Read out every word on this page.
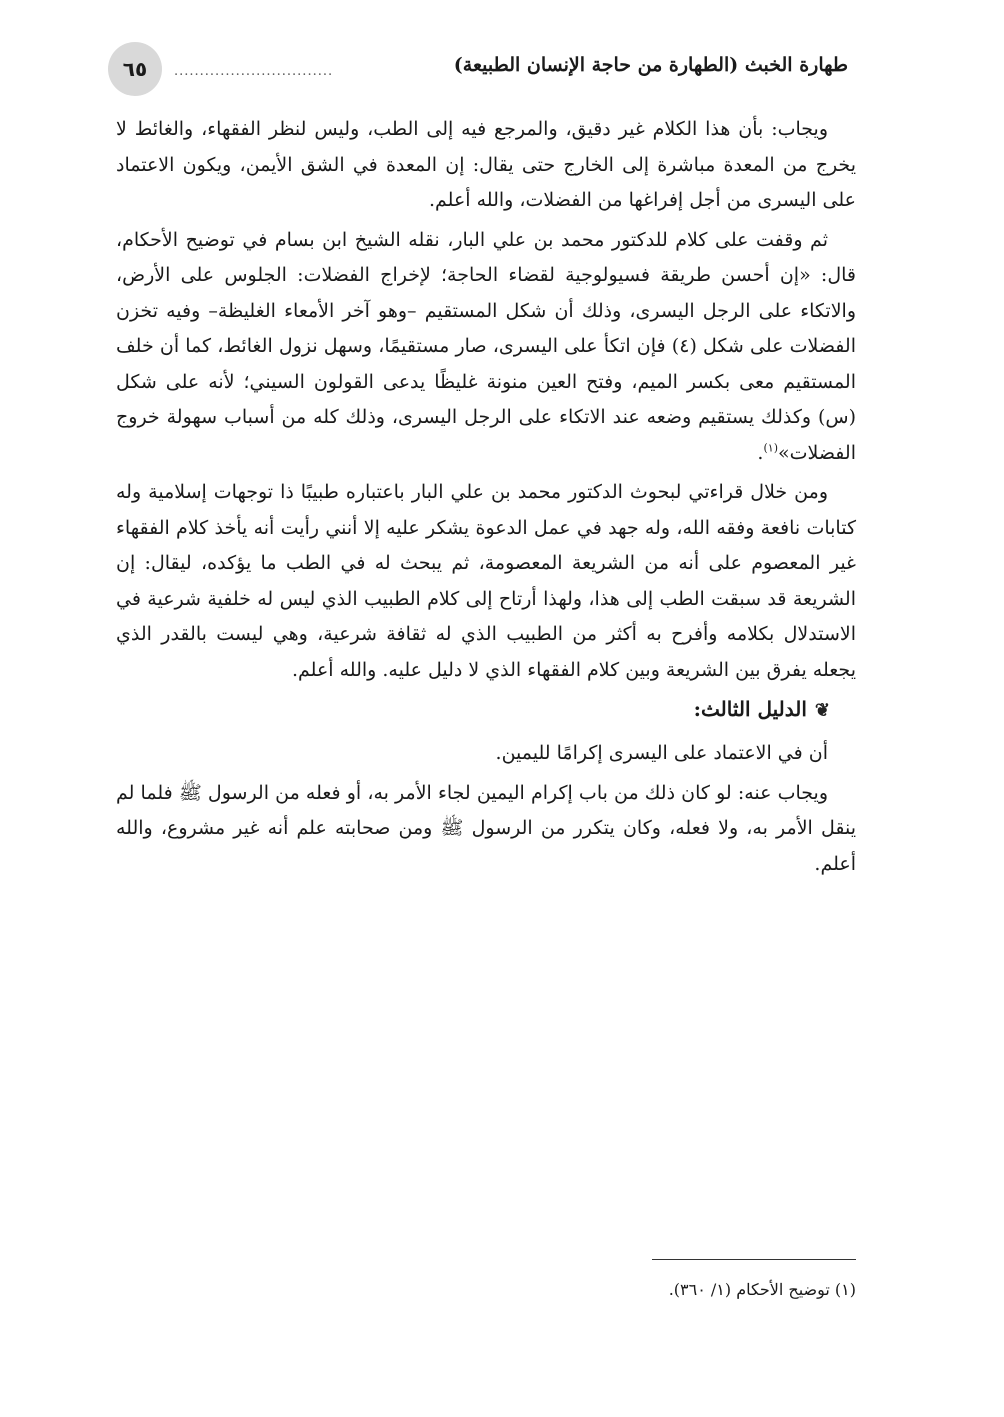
طهارة الخبث (الطهارة من حاجة الإنسان الطبيعة)
...............................
٦٥

ويجاب: بأن هذا الكلام غير دقيق، والمرجع فيه إلى الطب، وليس لنظر الفقهاء، والغائط لا يخرج من المعدة مباشرة إلى الخارج حتى يقال: إن المعدة في الشق الأيمن، ويكون الاعتماد على اليسرى من أجل إفراغها من الفضلات، والله أعلم.

ثم وقفت على كلام للدكتور محمد بن علي البار، نقله الشيخ ابن بسام في توضيح الأحكام، قال: «إن أحسن طريقة فسيولوجية لقضاء الحاجة؛ لإخراج الفضلات: الجلوس على الأرض، والاتكاء على الرجل اليسرى، وذلك أن شكل المستقيم –وهو آخر الأمعاء الغليظة– وفيه تخزن الفضلات على شكل (٤) فإن اتكأ على اليسرى، صار مستقيمًا، وسهل نزول الغائط، كما أن خلف المستقيم معى بكسر الميم، وفتح العين منونة غليظًا يدعى القولون السيني؛ لأنه على شكل (س) وكذلك يستقيم وضعه عند الاتكاء على الرجل اليسرى، وذلك كله من أسباب سهولة خروج الفضلات»$^{(١)}$.

ومن خلال قراءتي لبحوث الدكتور محمد بن علي البار باعتباره طبيبًا ذا توجهات إسلامية وله كتابات نافعة وفقه الله، وله جهد في عمل الدعوة يشكر عليه إلا أنني رأيت أنه يأخذ كلام الفقهاء غير المعصوم على أنه من الشريعة المعصومة، ثم يبحث له في الطب ما يؤكده، ليقال: إن الشريعة قد سبقت الطب إلى هذا، ولهذا أرتاح إلى كلام الطبيب الذي ليس له خلفية شرعية في الاستدلال بكلامه وأفرح به أكثر من الطبيب الذي له ثقافة شرعية، وهي ليست بالقدر الذي يجعله يفرق بين الشريعة وبين كلام الفقهاء الذي لا دليل عليه. والله أعلم.

❦الدليل الثالث:

أن في الاعتماد على اليسرى إكرامًا لليمين.

ويجاب عنه: لو كان ذلك من باب إكرام اليمين لجاء الأمر به، أو فعله من الرسول ﷺ فلما لم ينقل الأمر به، ولا فعله، وكان يتكرر من الرسول ﷺ ومن صحابته علم أنه غير مشروع، والله أعلم.

(١) توضيح الأحكام (١/ ٣٦٠).
